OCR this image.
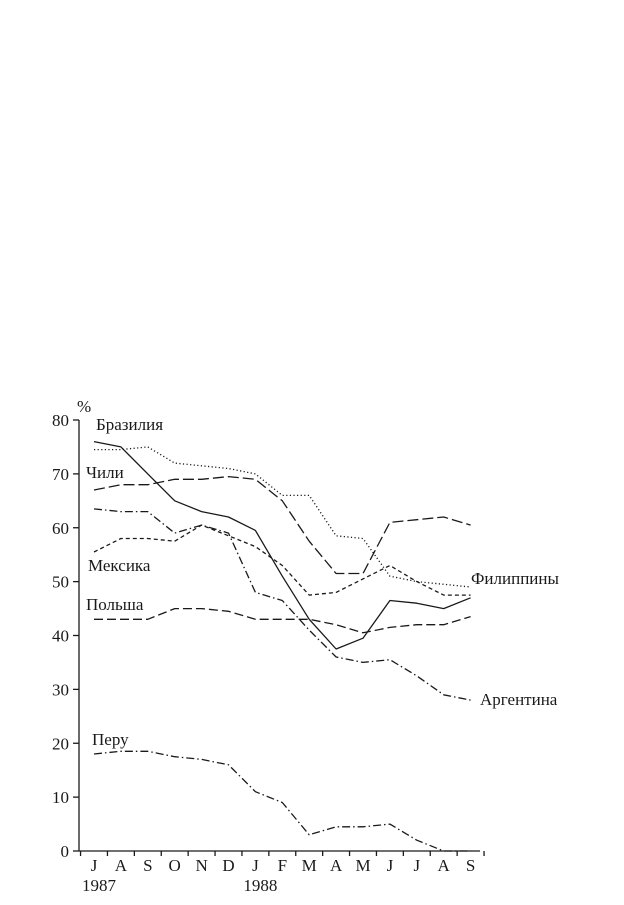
%
0
10
20
30
40
50
60
70
80
J A S O N D J F M A M J J A S
1987	1988
Бразилия
Филиппины
Чили
Мексика
Аргентина
Польша
Перу
